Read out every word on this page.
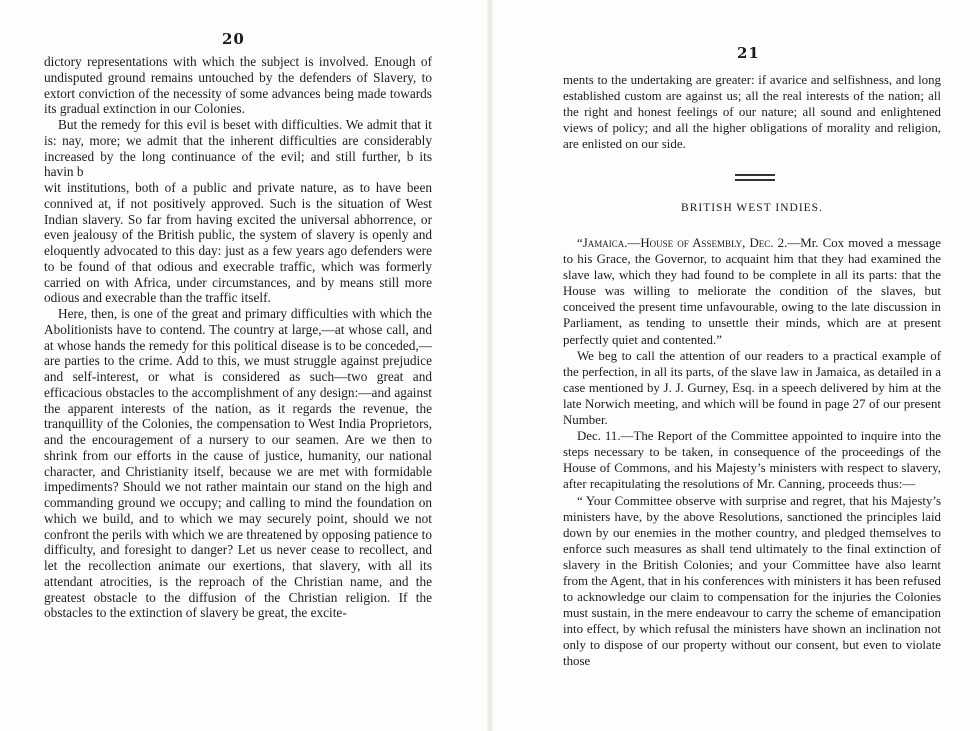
20

dictory representations with which the subject is involved. Enough of undisputed ground remains untouched by the defenders of Slavery, to extort conviction of the necessity of some advances being made towards its gradual extinction in our Colonies.

But the remedy for this evil is beset with difficulties. We admit that it is: nay, more; we admit that the inherent difficulties are considerably increased by the long continuance of the evil; and still further, b its havin b

wit institutions, both of a public and private nature, as to have been connived at, if not positively approved. Such is the situation of West Indian slavery. So far from having excited the universal abhorrence, or even jealousy of the British public, the system of slavery is openly and eloquently advocated to this day: just as a few years ago defenders were to be found of that odious and execrable traffic, which was formerly carried on with Africa, under circumstances, and by means still more odious and execrable than the traffic itself.

Here, then, is one of the great and primary difficulties with which the Abolitionists have to contend. The country at large,—at whose call, and at whose hands the remedy for this political disease is to be conceded,—are parties to the crime. Add to this, we must struggle against prejudice and self-interest, or what is considered as such—two great and efficacious obstacles to the accomplishment of any design:—and against the apparent interests of the nation, as it regards the revenue, the tranquillity of the Colonies, the compensation to West India Proprietors, and the encouragement of a nursery to our seamen. Are we then to shrink from our efforts in the cause of justice, humanity, our national character, and Christianity itself, because we are met with formidable impediments? Should we not rather maintain our stand on the high and commanding ground we occupy; and calling to mind the foundation on which we build, and to which we may securely point, should we not confront the perils with which we are threatened by opposing patience to difficulty, and foresight to danger? Let us never cease to recollect, and let the recollection animate our exertions, that slavery, with all its attendant atrocities, is the reproach of the Christian name, and the greatest obstacle to the diffusion of the Christian religion. If the obstacles to the extinction of slavery be great, the excite-

21

ments to the undertaking are greater: if avarice and selfishness, and long established custom are against us; all the real interests of the nation; all the right and honest feelings of our nature; all sound and enlightened views of policy; and all the higher obligations of morality and religion, are enlisted on our side.

BRITISH WEST INDIES.

“Jamaica.—House of Assembly, Dec. 2.—Mr. Cox moved a message to his Grace, the Governor, to acquaint him that they had examined the slave law, which they had found to be complete in all its parts: that the House was willing to meliorate the condition of the slaves, but conceived the present time unfavourable, owing to the late discussion in Parliament, as tending to unsettle their minds, which are at present perfectly quiet and contented.”

We beg to call the attention of our readers to a practical example of the perfection, in all its parts, of the slave law in Jamaica, as detailed in a case mentioned by J. J. Gurney, Esq. in a speech delivered by him at the late Norwich meeting, and which will be found in page 27 of our present Number.

Dec. 11.—The Report of the Committee appointed to inquire into the steps necessary to be taken, in consequence of the proceedings of the House of Commons, and his Majesty’s ministers with respect to slavery, after recapitulating the resolutions of Mr. Canning, proceeds thus:—

“ Your Committee observe with surprise and regret, that his Majesty’s ministers have, by the above Resolutions, sanctioned the principles laid down by our enemies in the mother country, and pledged themselves to enforce such measures as shall tend ultimately to the final extinction of slavery in the British Colonies; and your Committee have also learnt from the Agent, that in his conferences with ministers it has been refused to acknowledge our claim to compensation for the injuries the Colonies must sustain, in the mere endeavour to carry the scheme of emancipation into effect, by which refusal the ministers have shown an inclination not only to dispose of our property without our consent, but even to violate those
